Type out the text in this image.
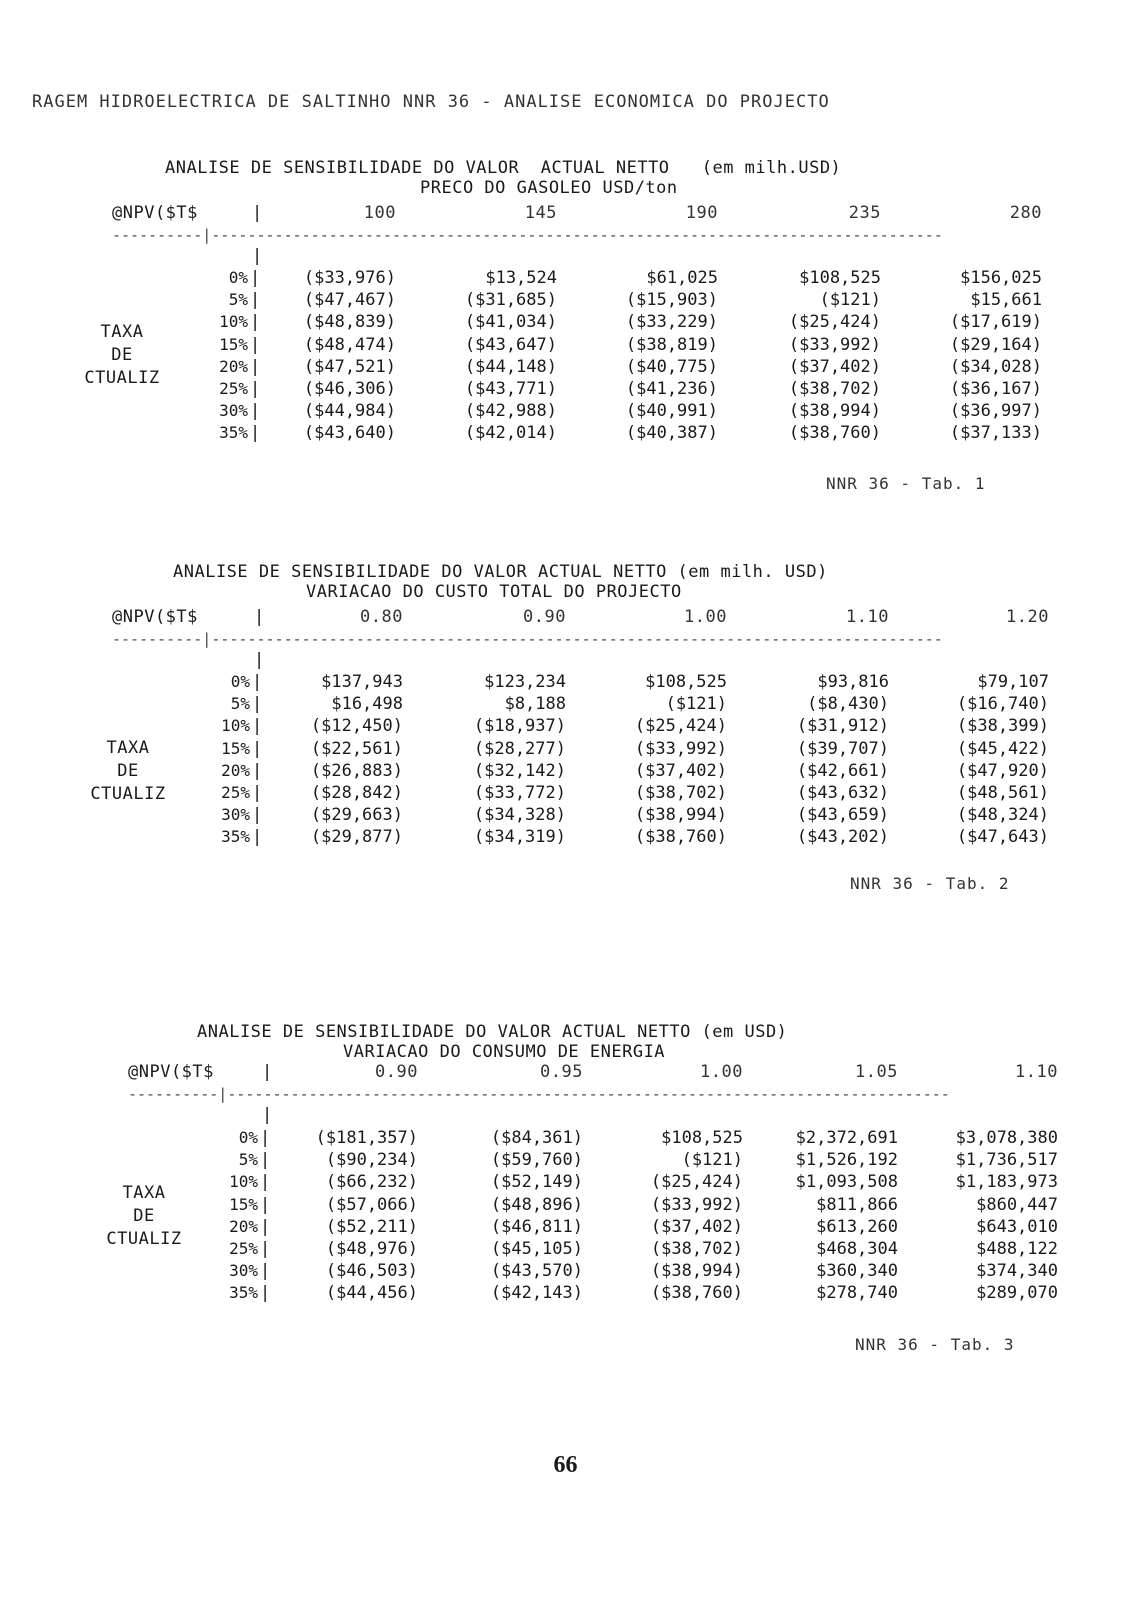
RAGEM HIDROELECTRICA DE SALTINHO NNR 36 - ANALISE ECONOMICA DO PROJECTO
ANALISE DE SENSIBILIDADE DO VALOR  ACTUAL NETTO   (em milh.USD)
PRECO DO GASOLEO USD/ton
@NPV($T$	|	100	145	190	235	280
----------|---------------------------------------------------------------------------------
|
TAXA
DE
CTUALIZ
0% |	($33,976)	$13,524	$61,025	$108,525	$156,025
5% |	($47,467)	($31,685)	($15,903)	($121)	$15,661
10% |	($48,839)	($41,034)	($33,229)	($25,424)	($17,619)
15% |	($48,474)	($43,647)	($38,819)	($33,992)	($29,164)
20% |	($47,521)	($44,148)	($40,775)	($37,402)	($34,028)
25% |	($46,306)	($43,771)	($41,236)	($38,702)	($36,167)
30% |	($44,984)	($42,988)	($40,991)	($38,994)	($36,997)
35% |	($43,640)	($42,014)	($40,387)	($38,760)	($37,133)
NNR 36 - Tab. 1
ANALISE DE SENSIBILIDADE DO VALOR ACTUAL NETTO (em milh. USD)
VARIACAO DO CUSTO TOTAL DO PROJECTO
@NPV($T$	|	0.80	0.90	1.00	1.10	1.20
----------|---------------------------------------------------------------------------------
|
TAXA
DE
CTUALIZ
0% |	$137,943	$123,234	$108,525	$93,816	$79,107
5% |	$16,498	$8,188	($121)	($8,430)	($16,740)
10% |	($12,450)	($18,937)	($25,424)	($31,912)	($38,399)
15% |	($22,561)	($28,277)	($33,992)	($39,707)	($45,422)
20% |	($26,883)	($32,142)	($37,402)	($42,661)	($47,920)
25% |	($28,842)	($33,772)	($38,702)	($43,632)	($48,561)
30% |	($29,663)	($34,328)	($38,994)	($43,659)	($48,324)
35% |	($29,877)	($34,319)	($38,760)	($43,202)	($47,643)
NNR 36 - Tab. 2
ANALISE DE SENSIBILIDADE DO VALOR ACTUAL NETTO (em USD)
VARIACAO DO CONSUMO DE ENERGIA
@NPV($T$	|	0.90	0.95	1.00	1.05	1.10
----------|--------------------------------------------------------------------------------
|
TAXA
DE
CTUALIZ
0% |	($181,357)	($84,361)	$108,525	$2,372,691	$3,078,380
5% |	($90,234)	($59,760)	($121)	$1,526,192	$1,736,517
10% |	($66,232)	($52,149)	($25,424)	$1,093,508	$1,183,973
15% |	($57,066)	($48,896)	($33,992)	$811,866	$860,447
20% |	($52,211)	($46,811)	($37,402)	$613,260	$643,010
25% |	($48,976)	($45,105)	($38,702)	$468,304	$488,122
30% |	($46,503)	($43,570)	($38,994)	$360,340	$374,340
35% |	($44,456)	($42,143)	($38,760)	$278,740	$289,070
NNR 36 - Tab. 3
66
